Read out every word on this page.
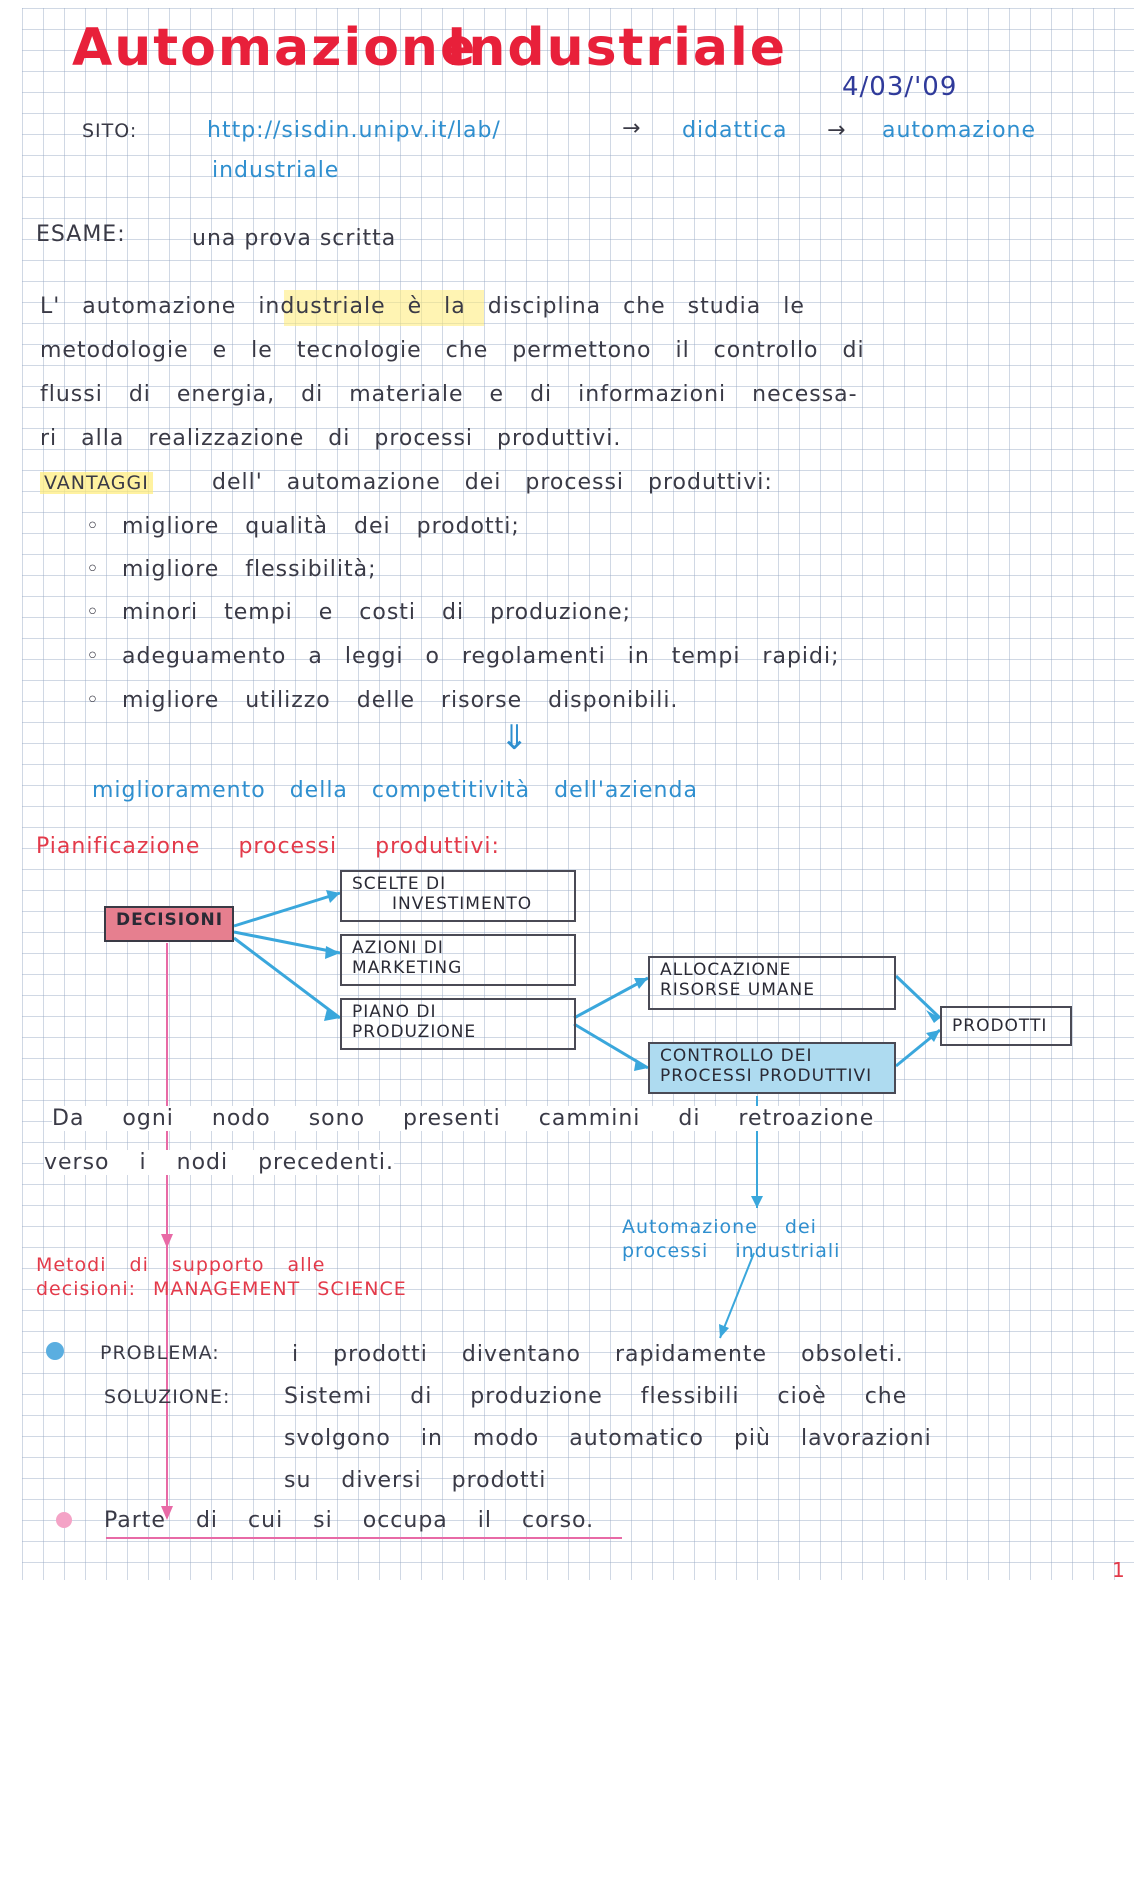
Automazione
Industriale
4/03/'09
SITO:	http://sisdin.unipv.it/lab/	→ didattica → automazione
industriale
ESAME:	una prova scritta
L' automazione industriale è la disciplina che studia le
metodologie e le tecnologie che permettono il controllo di
flussi di energia, di materiale e di informazioni necessa-
ri alla realizzazione di processi produttivi.
VANTAGGI	dell' automazione dei processi produttivi:
◦ migliore qualità dei prodotti;
◦ migliore flessibilità;
◦ minori tempi e costi di produzione;
◦ adeguamento a leggi o regolamenti in tempi rapidi;
◦ migliore utilizzo delle risorse disponibili.
⇓
miglioramento della competitività dell'azienda
Pianificazione processi produttivi:
DECISIONI
SCELTE DI
INVESTIMENTO
AZIONI DI
MARKETING
PIANO DI
PRODUZIONE
ALLOCAZIONE
RISORSE UMANE
CONTROLLO DEI
PROCESSI PRODUTTIVI
PRODOTTI
Da ogni nodo sono presenti cammini di retroazione
verso i nodi precedenti.
Automazione dei
processi industriali
Metodi di supporto alle
decisioni: MANAGEMENT SCIENCE
PROBLEMA:	i prodotti diventano rapidamente obsoleti.
SOLUZIONE: Sistemi di produzione flessibili cioè che
svolgono in modo automatico più lavorazioni
su diversi prodotti
Parte di cui si occupa il corso.
1
